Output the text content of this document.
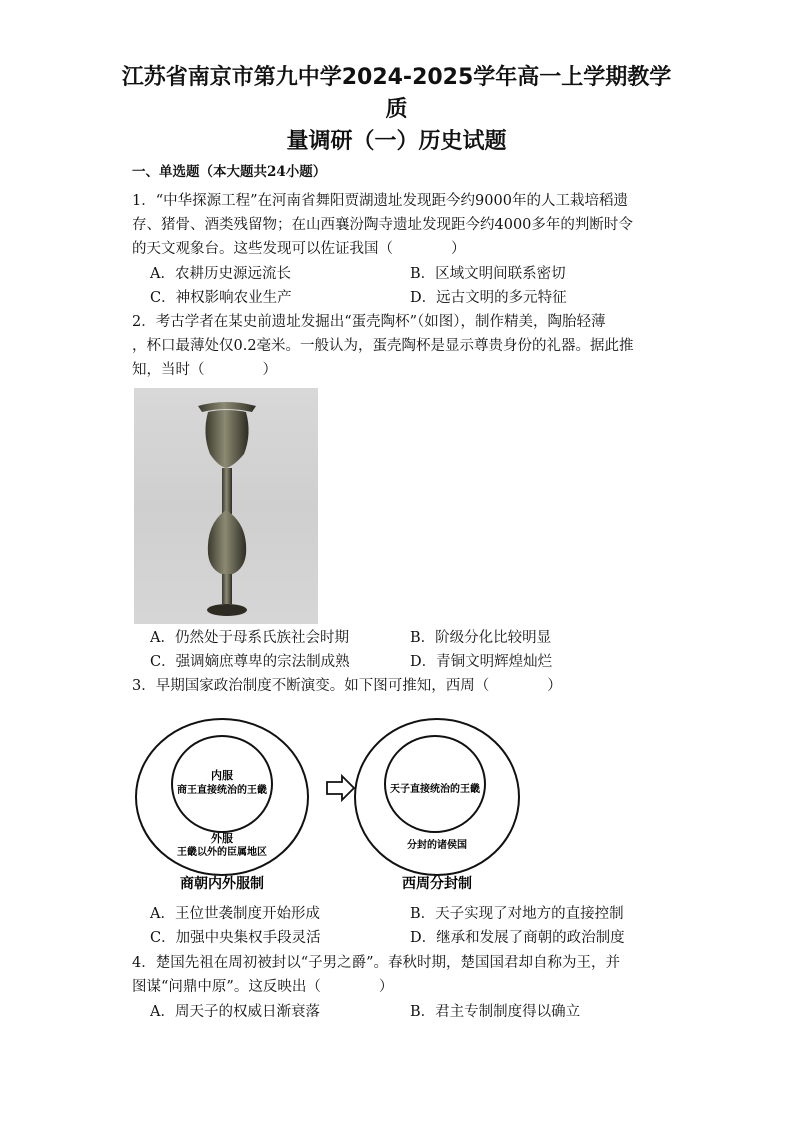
江苏省南京市第九中学2024-2025学年高一上学期教学质
量调研（一）历史试题
一、单选题（本大题共24小题）
1．“中华探源工程”在河南省舞阳贾湖遗址发现距今约9000年的人工栽培稻遗
存、猪骨、酒类残留物；在山西襄汾陶寺遗址发现距今约4000多年的判断时令
的天文观象台。这些发现可以佐证我国（　　　　）
A．农耕历史源远流长	B．区域文明间联系密切
C．神权影响农业生产	D．远古文明的多元特征
2．考古学者在某史前遗址发掘出“蛋壳陶杯”（如图），制作精美，陶胎轻薄
，杯口最薄处仅0.2毫米。一般认为，蛋壳陶杯是显示尊贵身份的礼器。据此推
知，当时（　　　　）
A．仍然处于母系氏族社会时期	B．阶级分化比较明显
C．强调嫡庶尊卑的宗法制成熟	D．青铜文明辉煌灿烂
3．早期国家政治制度不断演变。如下图可推知，西周（　　　　）
内服
商王直接统治的王畿
外服
王畿以外的臣属地区
天子直接统治的王畿
分封的诸侯国
商朝内外服制	西周分封制
A．王位世袭制度开始形成	B．天子实现了对地方的直接控制
C．加强中央集权手段灵活	D．继承和发展了商朝的政治制度
4．楚国先祖在周初被封以“子男之爵”。春秋时期，楚国国君却自称为王，并
图谋“问鼎中原”。这反映出（　　　　）
A．周天子的权威日渐衰落	B．君主专制制度得以确立
